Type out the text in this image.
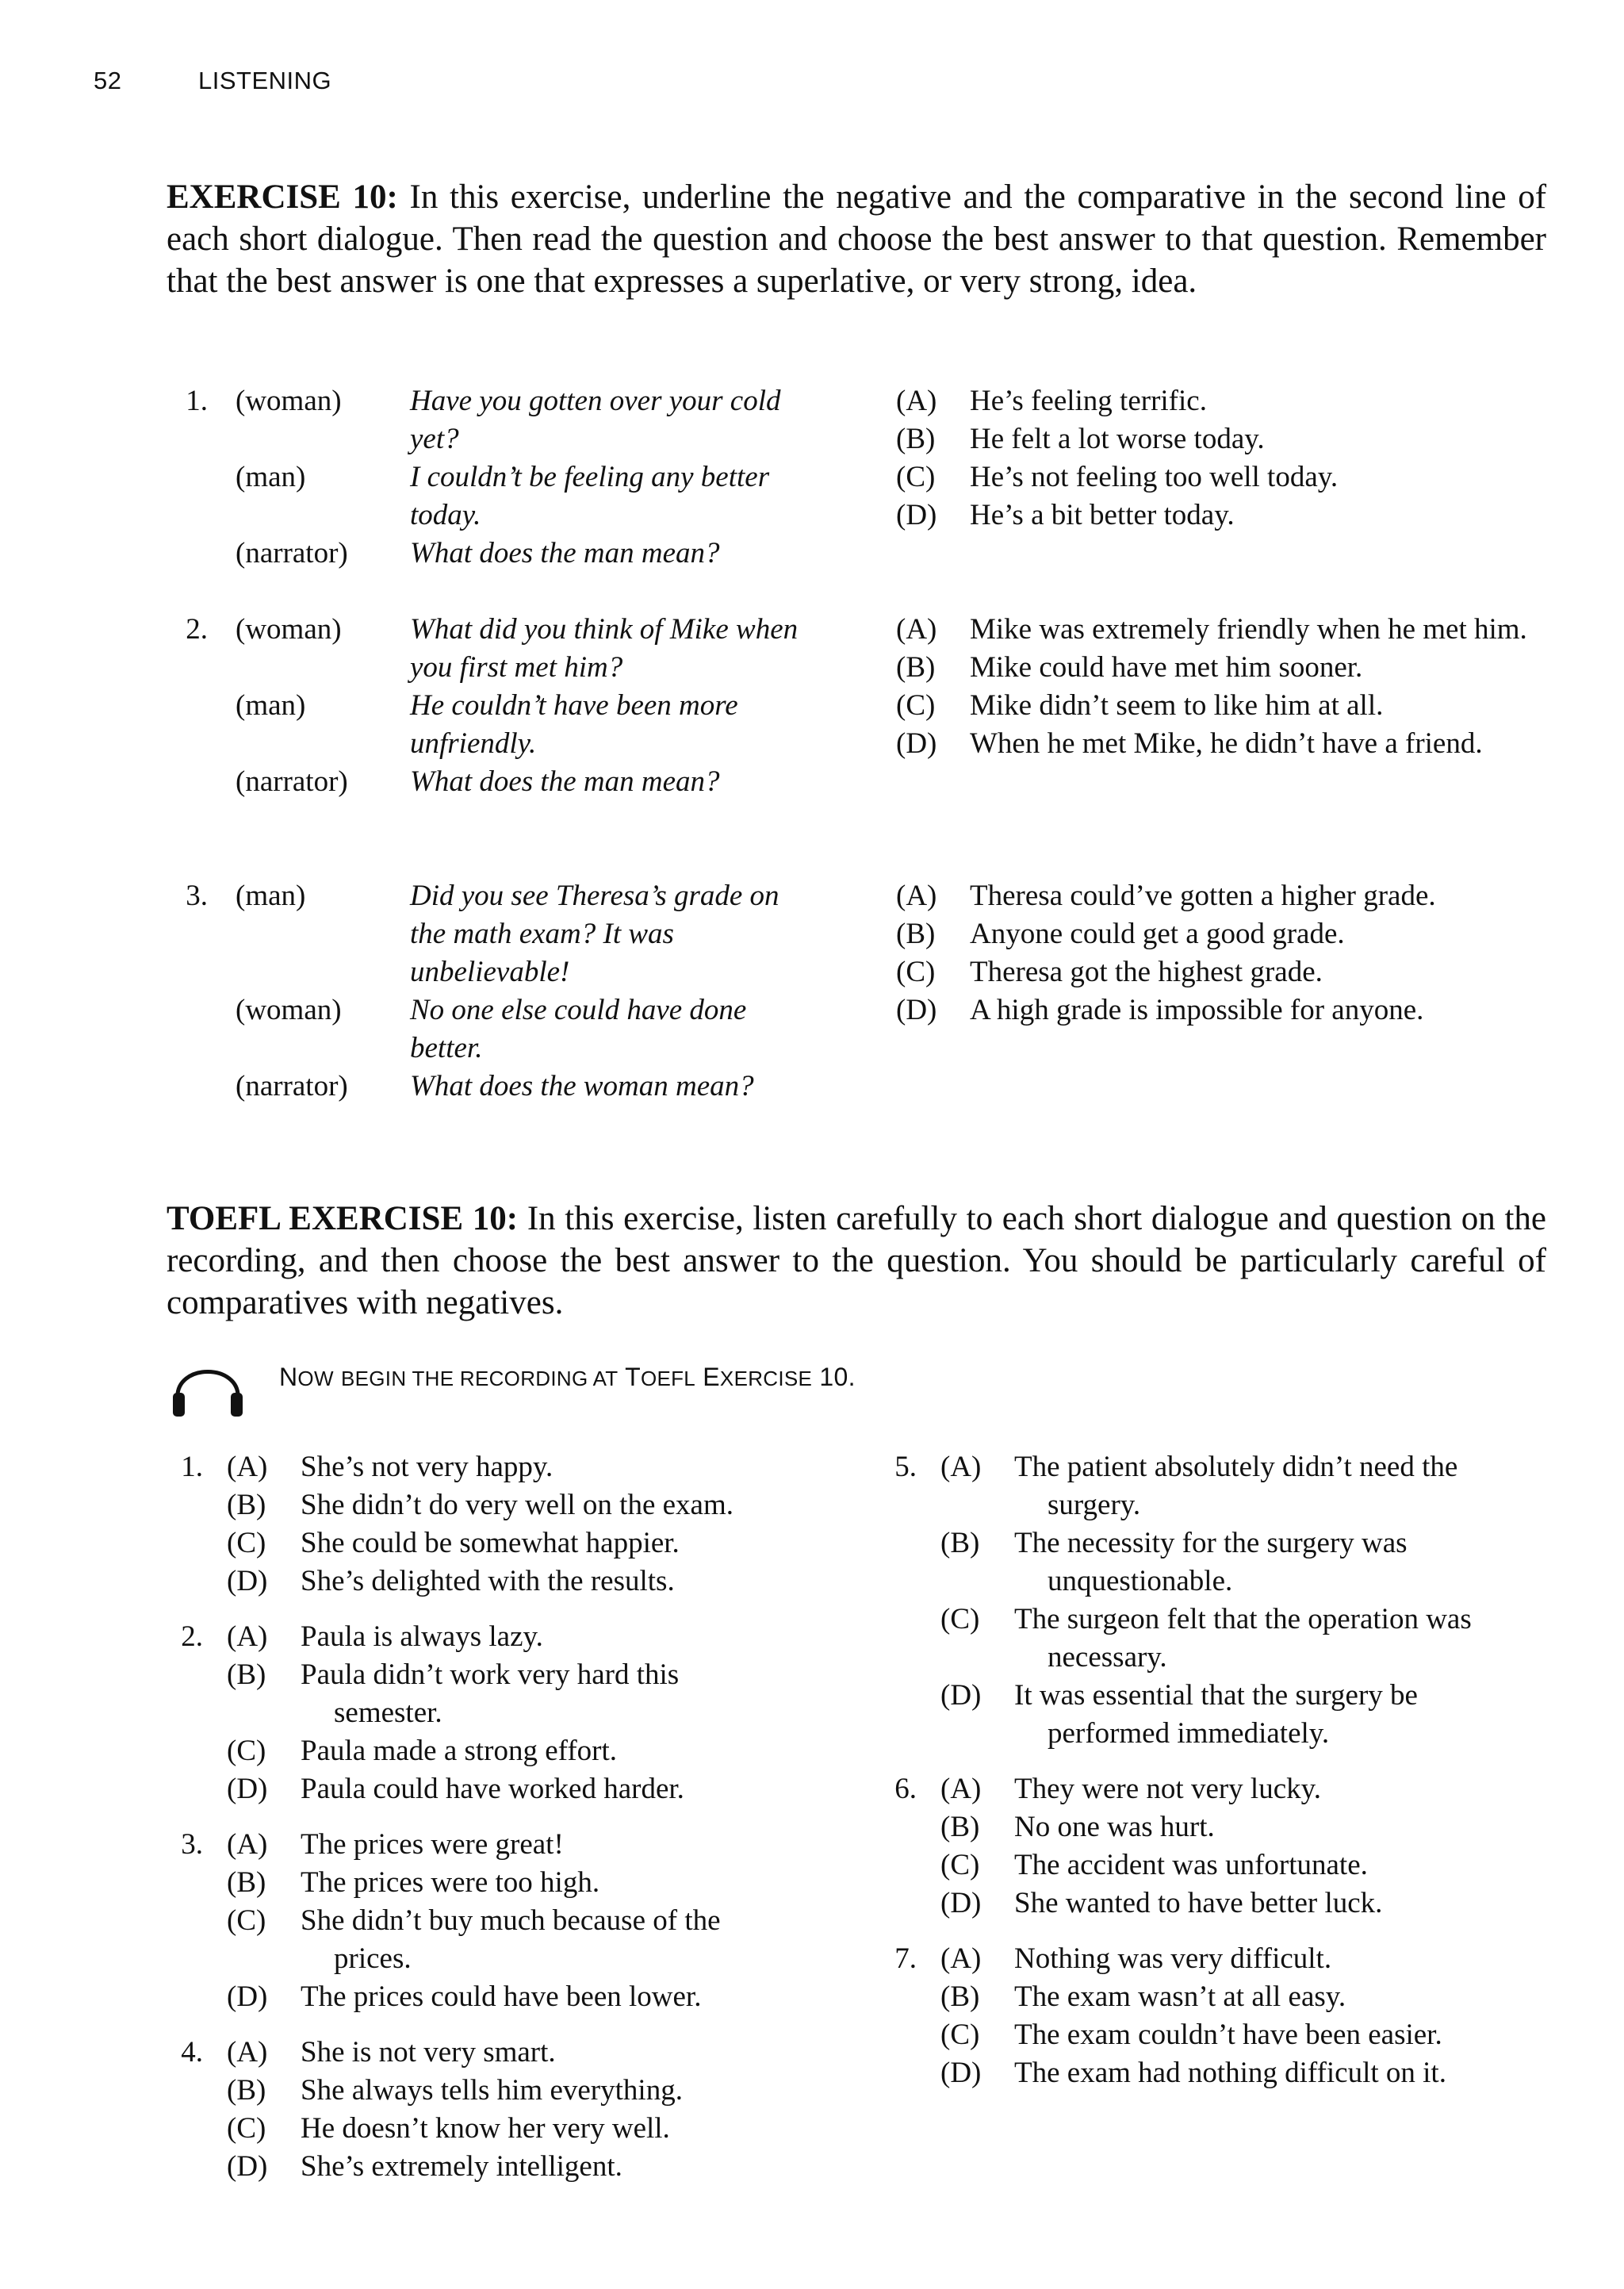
52	LISTENING
EXERCISE 10: In this exercise, underline the negative and the comparative in the second line of each short dialogue. Then read the question and choose the best answer to that question. Remember that the best answer is one that expresses a superlative, or very strong, idea.
1. (woman)	Have you gotten over your cold yet?
(man)	I couldn’t be feeling any better today.
(narrator)	What does the man mean?
(A)	He’s feeling terrific.
(B)	He felt a lot worse today.
(C)	He’s not feeling too well today.
(D)	He’s a bit better today.
2. (woman)	What did you think of Mike when you first met him?
(man)	He couldn’t have been more unfriendly.
(narrator)	What does the man mean?
(A)	Mike was extremely friendly when he met him.
(B)	Mike could have met him sooner.
(C)	Mike didn’t seem to like him at all.
(D)	When he met Mike, he didn’t have a friend.
3. (man)	Did you see Theresa’s grade on the math exam? It was unbelievable!
(woman)	No one else could have done better.
(narrator)	What does the woman mean?
(A)	Theresa could’ve gotten a higher grade.
(B)	Anyone could get a good grade.
(C)	Theresa got the highest grade.
(D)	A high grade is impossible for anyone.
TOEFL EXERCISE 10: In this exercise, listen carefully to each short dialogue and question on the recording, and then choose the best answer to the question. You should be particularly careful of comparatives with negatives.
NOW BEGIN THE RECORDING AT TOEFL EXERCISE 10.
1. (A)	She’s not very happy.
(B)	She didn’t do very well on the exam.
(C)	She could be somewhat happier.
(D)	She’s delighted with the results.
2. (A)	Paula is always lazy.
(B)	Paula didn’t work very hard this semester.
(C)	Paula made a strong effort.
(D)	Paula could have worked harder.
3. (A)	The prices were great!
(B)	The prices were too high.
(C)	She didn’t buy much because of the prices.
(D)	The prices could have been lower.
4. (A)	She is not very smart.
(B)	She always tells him everything.
(C)	He doesn’t know her very well.
(D)	She’s extremely intelligent.
5. (A)	The patient absolutely didn’t need the surgery.
(B)	The necessity for the surgery was unquestionable.
(C)	The surgeon felt that the operation was necessary.
(D)	It was essential that the surgery be performed immediately.
6. (A)	They were not very lucky.
(B)	No one was hurt.
(C)	The accident was unfortunate.
(D)	She wanted to have better luck.
7. (A)	Nothing was very difficult.
(B)	The exam wasn’t at all easy.
(C)	The exam couldn’t have been easier.
(D)	The exam had nothing difficult on it.
